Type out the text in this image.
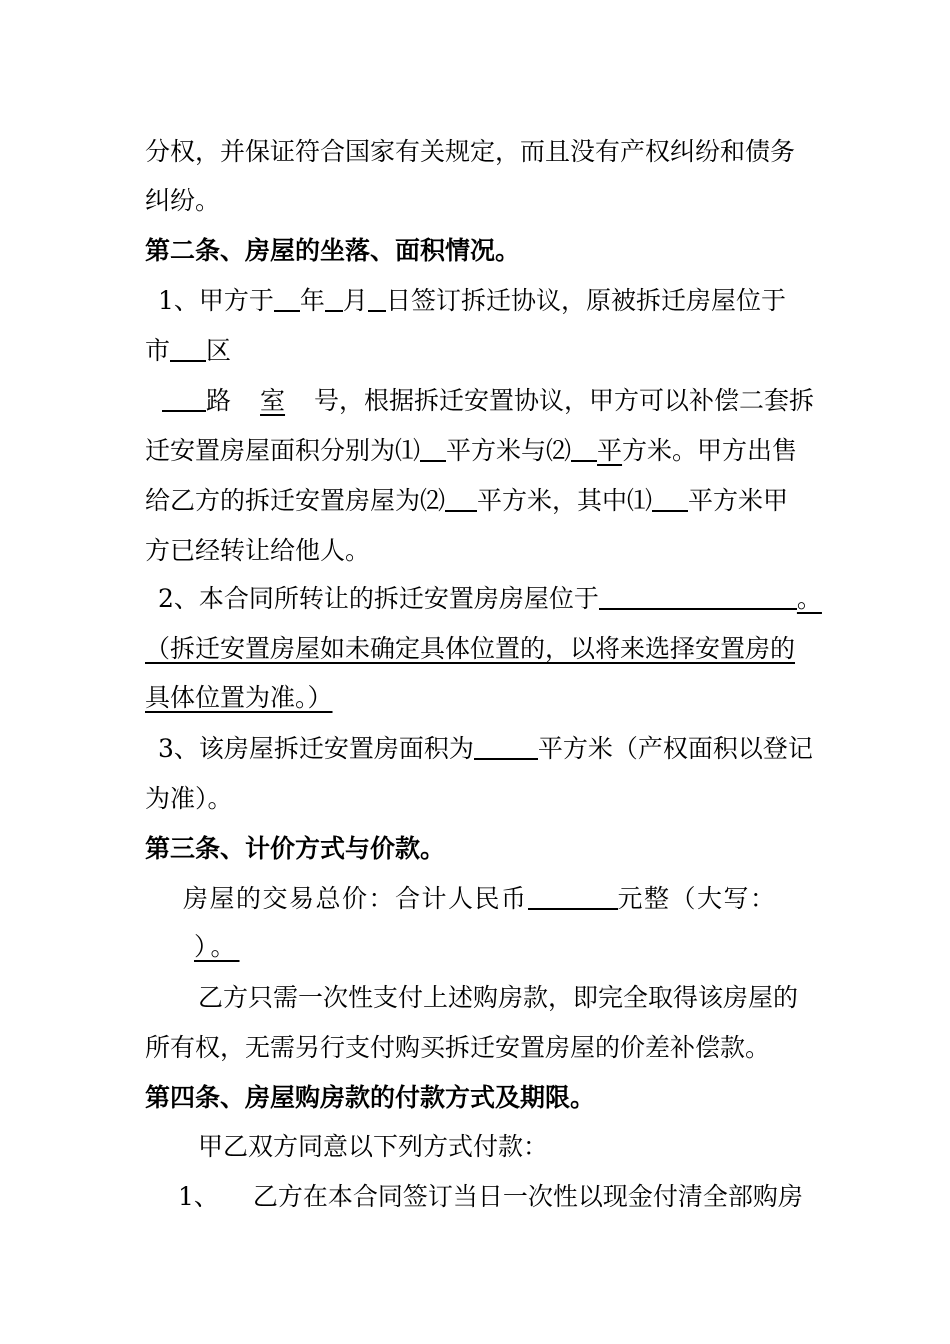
分权，并保证符合国家有关规定，而且没有产权纠纷和债务
纠纷。
第二条、房屋的坐落、面积情况。
1、甲方于 年 月 日签订拆迁协议，原被拆迁房屋位于
市 区
路 室 号，根据拆迁安置协议，甲方可以补偿二套拆
迁安置房屋面积分别为⑴ 平方米与⑵ 平方米。甲方出售
给乙方的拆迁安置房屋为⑵ 平方米，其中⑴ 平方米甲
方已经转让给他人。
2、本合同所转让的拆迁安置房房屋位于	。
（拆迁安置房屋如未确定具体位置的，以将来选择安置房的
具体位置为准。）
3、该房屋拆迁安置房面积为	平方米（产权面积以登记
为准）。
第三条、计价方式与价款。
房屋的交易总价：合计人民币	元整（大写：
）。
乙方只需一次性支付上述购房款，即完全取得该房屋的
所有权，无需另行支付购买拆迁安置房屋的价差补偿款。
第四条、房屋购房款的付款方式及期限。
甲乙双方同意以下列方式付款：
1、 乙方在本合同签订当日一次性以现金付清全部购房
